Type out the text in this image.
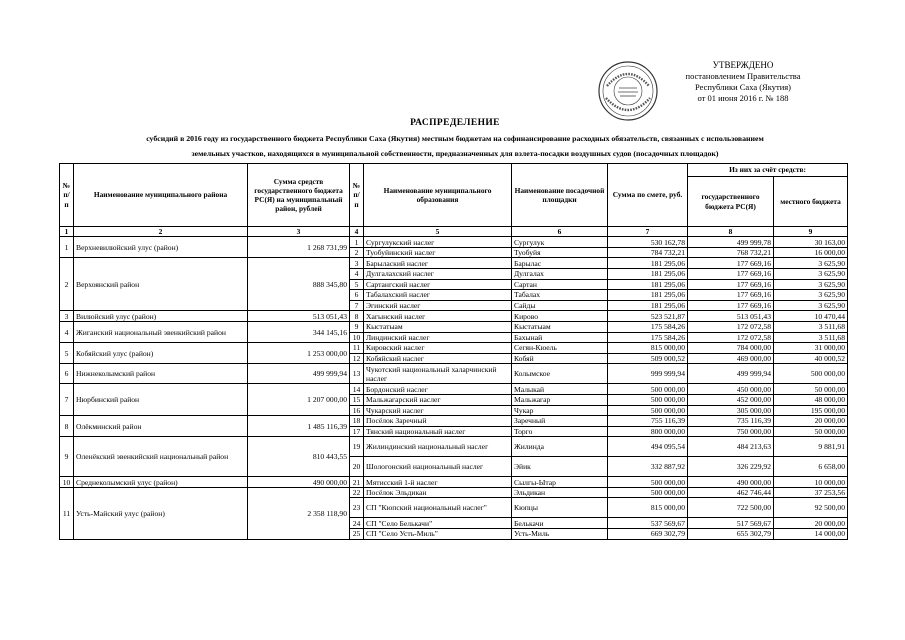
УТВЕРЖДЕНО
постановлением Правительства
Республики Саха (Якутия)
от 01 июня 2016 г. № 188
РАСПРЕДЕЛЕНИЕ
субсидий в 2016 году из государственного бюджета Республики Саха (Якутия) местным бюджетам на софинансирование расходных обязательств, связанных с использованием
земельных участков, находящихся в муниципальной собственности, предназначенных для взлета-посадки воздушных судов (посадочных площадок)
№ п/п	Наименование муниципального района	Сумма средств государственного бюджета РС(Я) на муниципальный район, рублей	№ п/п	Наименование муниципального образования	Наименование посадочной площадки	Сумма по смете, руб.	Из них за счёт средств:	
							государственного бюджета РС(Я)	местного бюджета
1	2	3	4	5	6	7	8	9
1	Верхневилюйский улус (район)	1 268 731,99	1	Сургулукский наслег	Сургулук	530 162,78	499 999,78	30 163,00
			2	Туобуйинский наслег	Туобуйя	784 732,21	768 732,21	16 000,00
2	Верхоянский район	888 345,80	3	Барылаский наслег	Барылас	181 295,06	177 669,16	3 625,90
			4	Дулгалахский наслег	Дулгалах	181 295,06	177 669,16	3 625,90
			5	Сартангский наслег	Сартан	181 295,06	177 669,16	3 625,90
			6	Табалахский наслег	Табалах	181 295,06	177 669,16	3 625,90
			7	Эгинский наслег	Сайды	181 295,06	177 669,16	3 625,90
3	Вилюйский улус (район)	513 051,43	8	Хагынский наслег	Кирово	523 521,87	513 051,43	10 470,44
4	Жиганский национальный эвенкийский район	344 145,16	9	Кыстатыам	Кыстатыам	175 584,26	172 072,58	3 511,68
			10	Линдинский наслег	Бахынай	175 584,26	172 072,58	3 511,68
5	Кобяйский улус (район)	1 253 000,00	11	Кировский наслег	Сегян-Кюель	815 000,00	784 000,00	31 000,00
			12	Кобяйский наслег	Кобяй	509 000,52	469 000,00	40 000,52
6	Нижнеколымский район	499 999,94	13	Чукотский национальный халарчинский наслег	Колымское	999 999,94	499 999,94	500 000,00
7	Нюрбинский район	1 207 000,00	14	Бордонский наслег	Малыкай	500 000,00	450 000,00	50 000,00
			15	Мальжагарский наслег	Мальжагар	500 000,00	452 000,00	48 000,00
			16	Чукарский наслег	Чукар	500 000,00	305 000,00	195 000,00
8	Олёкминский район	1 485 116,39	18	Посёлок Заречный	Заречный	755 116,39	735 116,39	20 000,00
			17	Тянский национальный наслег	Торго	800 000,00	750 000,00	50 000,00
9	Оленёкский эвенкийский национальный район	810 443,55	19	Жилиндинский национальный наслег	Жилинда	494 095,54	484 213,63	9 881,91
			20	Шологонский национальный наслег	Эйик	332 887,92	326 229,92	6 658,00
10	Среднеколымский улус (район)	490 000,00	21	Мятисский 1-й наслег	Сылгы-Ытар	500 000,00	490 000,00	10 000,00
11	Усть-Майский улус (район)	2 358 118,90	22	Посёлок Эльдикан	Эльдикан	500 000,00	462 746,44	37 253,56
			23	СП "Кюпский национальный наслег"	Кюпцы	815 000,00	722 500,00	92 500,00
			24	СП "Село Белькачи"	Белькачи	537 569,67	517 569,67	20 000,00
			25	СП "Село Усть-Миль"	Усть-Миль	669 302,79	655 302,79	14 000,00
